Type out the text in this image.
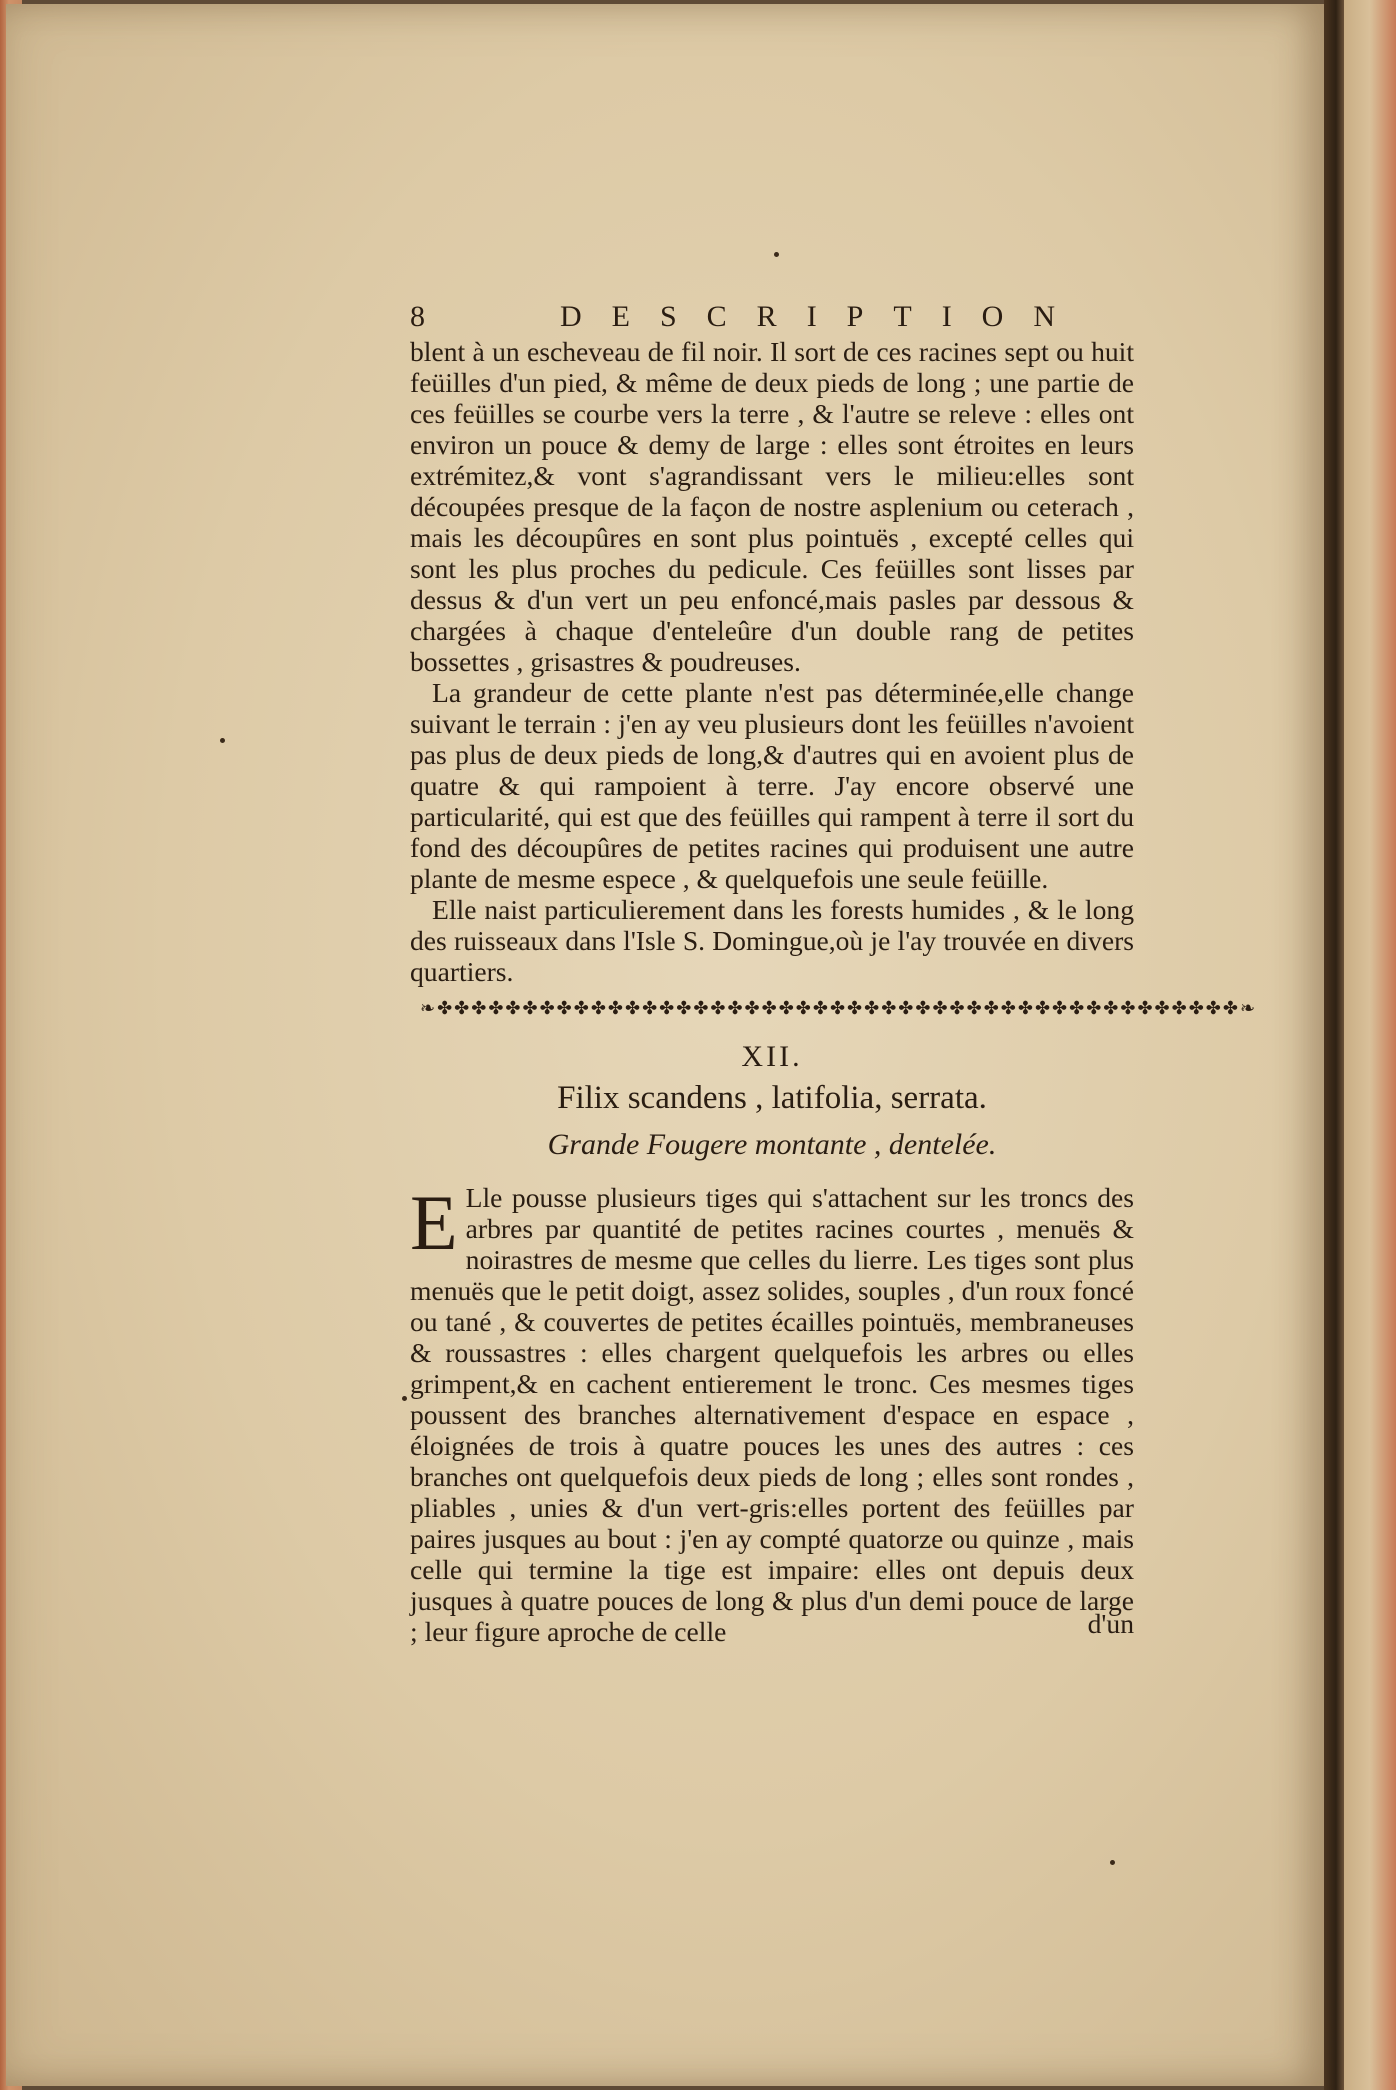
8	DESCRIPTION

blent à un escheveau de fil noir. Il sort de ces racines sept ou huit feüilles d'un pied, & même de deux pieds de long ; une partie de ces feüilles se courbe vers la terre , & l'autre se releve : elles ont environ un pouce & demy de large : elles sont étroites en leurs extrémitez,& vont s'agrandissant vers le milieu:elles sont découpées presque de la façon de nostre asplenium ou ceterach , mais les découpûres en sont plus pointuës , excepté celles qui sont les plus proches du pedicule. Ces feüilles sont lisses par dessus & d'un vert un peu enfoncé,mais pasles par dessous & chargées à chaque d'enteleûre d'un double rang de petites bossettes , grisastres & poudreuses.

La grandeur de cette plante n'est pas déterminée,elle change suivant le terrain : j'en ay veu plusieurs dont les feüilles n'avoient pas plus de deux pieds de long,& d'autres qui en avoient plus de quatre & qui rampoient à terre. J'ay encore observé une particularité, qui est que des feüilles qui rampent à terre il sort du fond des découpûres de petites racines qui produisent une autre plante de mesme espece , & quelquefois une seule feüille.

Elle naist particulierement dans les forests humides , & le long des ruisseaux dans l'Isle S. Domingue,où je l'ay trouvée en divers quartiers.

❧✤✤✤✤✤✤✤✤✤✤✤✤✤✤✤✤✤✤✤✤✤✤✤✤✤✤✤✤✤✤✤✤✤✤✤✤✤✤✤✤✤✤✤✤✤✤✤❧
XII.
Filix scandens , latifolia, serrata.
Grande Fougere montante , dentelée.
E Lle pousse plusieurs tiges qui s'attachent sur les troncs des arbres par quantité de petites racines courtes , menuës & noirastres de mesme que celles du lierre. Les tiges sont plus menuës que le petit doigt, assez solides, souples , d'un roux foncé ou tané , & couvertes de petites écailles pointuës, membraneuses & roussastres : elles chargent quelquefois les arbres ou elles grimpent,& en cachent entierement le tronc. Ces mesmes tiges poussent des branches alternativement d'espace en espace , éloignées de trois à quatre pouces les unes des autres : ces branches ont quelquefois deux pieds de long ; elles sont rondes , pliables , unies & d'un vert-gris:elles portent des feüilles par paires jusques au bout : j'en ay compté quatorze ou quinze , mais celle qui termine la tige est impaire: elles ont depuis deux jusques à quatre pouces de long & plus d'un demi pouce de large ; leur figure aproche de celle	d'un
